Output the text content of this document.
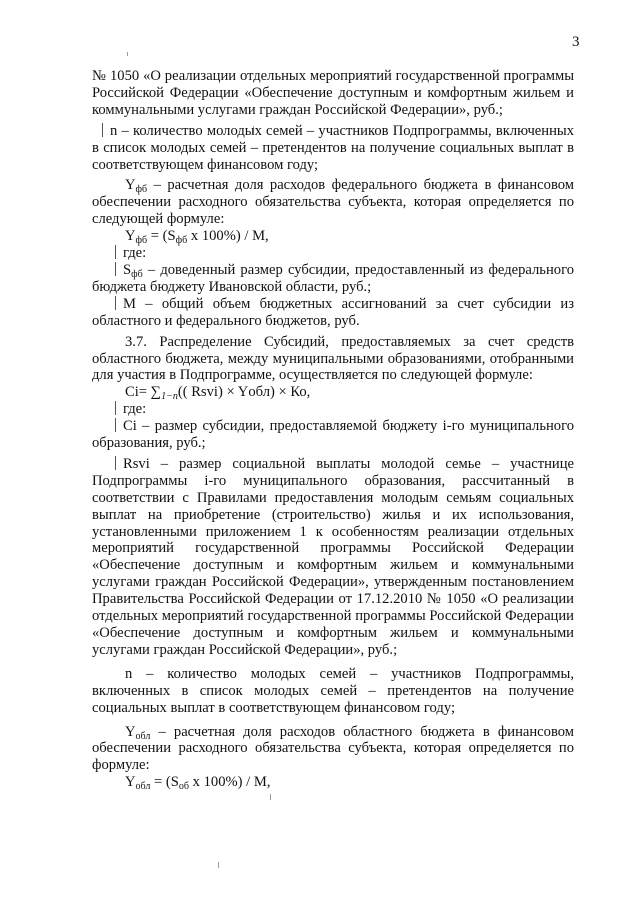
3

№ 1050 «О реализации отдельных мероприятий государственной программы Российской Федерации «Обеспечение доступным и комфортным жильем и коммунальными услугами граждан Российской Федерации», руб.;

n – количество молодых семей – участников Подпрограммы, включенных в список молодых семей – претендентов на получение социальных выплат в соответствующем финансовом году;

$Y_{фб}$ – расчетная доля расходов федерального бюджета в финансовом обеспечении расходного обязательства субъекта, которая определяется по следующей формуле:

$Y_{фб} = (S_{фб}$ x 100%) / M,

где:

$S_{фб}$ – доведенный размер субсидии, предоставленный из федерального бюджета бюджету Ивановской области, руб.;

M – общий объем бюджетных ассигнований за счет субсидии из областного и федерального бюджетов, руб.

3.7. Распределение Субсидий, предоставляемых за счет средств областного бюджета, между муниципальными образованиями, отобранными для участия в Подпрограмме, осуществляется по следующей формуле:

$Ci= \sum_{1-n}$(( Rsvi) × Yобл) × Ко,

где:

Ci – размер субсидии, предоставляемой бюджету i-го муниципального образования, руб.;

Rsvi – размер социальной выплаты молодой семье – участнице Подпрограммы i-го муниципального образования, рассчитанный в соответствии с Правилами предоставления молодым семьям социальных выплат на приобретение (строительство) жилья и их использования, установленными приложением 1 к особенностям реализации отдельных мероприятий государственной программы Российской Федерации «Обеспечение доступным и комфортным жильем и коммунальными услугами граждан Российской Федерации», утвержденным постановлением Правительства Российской Федерации от 17.12.2010 № 1050 «О реализации отдельных мероприятий государственной программы Российской Федерации «Обеспечение доступным и комфортным жильем и коммунальными услугами граждан Российской Федерации», руб.;

n – количество молодых семей – участников Подпрограммы, включенных в список молодых семей – претендентов на получение социальных выплат в соответствующем финансовом году;

$Y_{обл}$ – расчетная доля расходов областного бюджета в финансовом обеспечении расходного обязательства субъекта, которая определяется по формуле:

$Y_{обл} = (S_{об}$ x 100%) / M,
